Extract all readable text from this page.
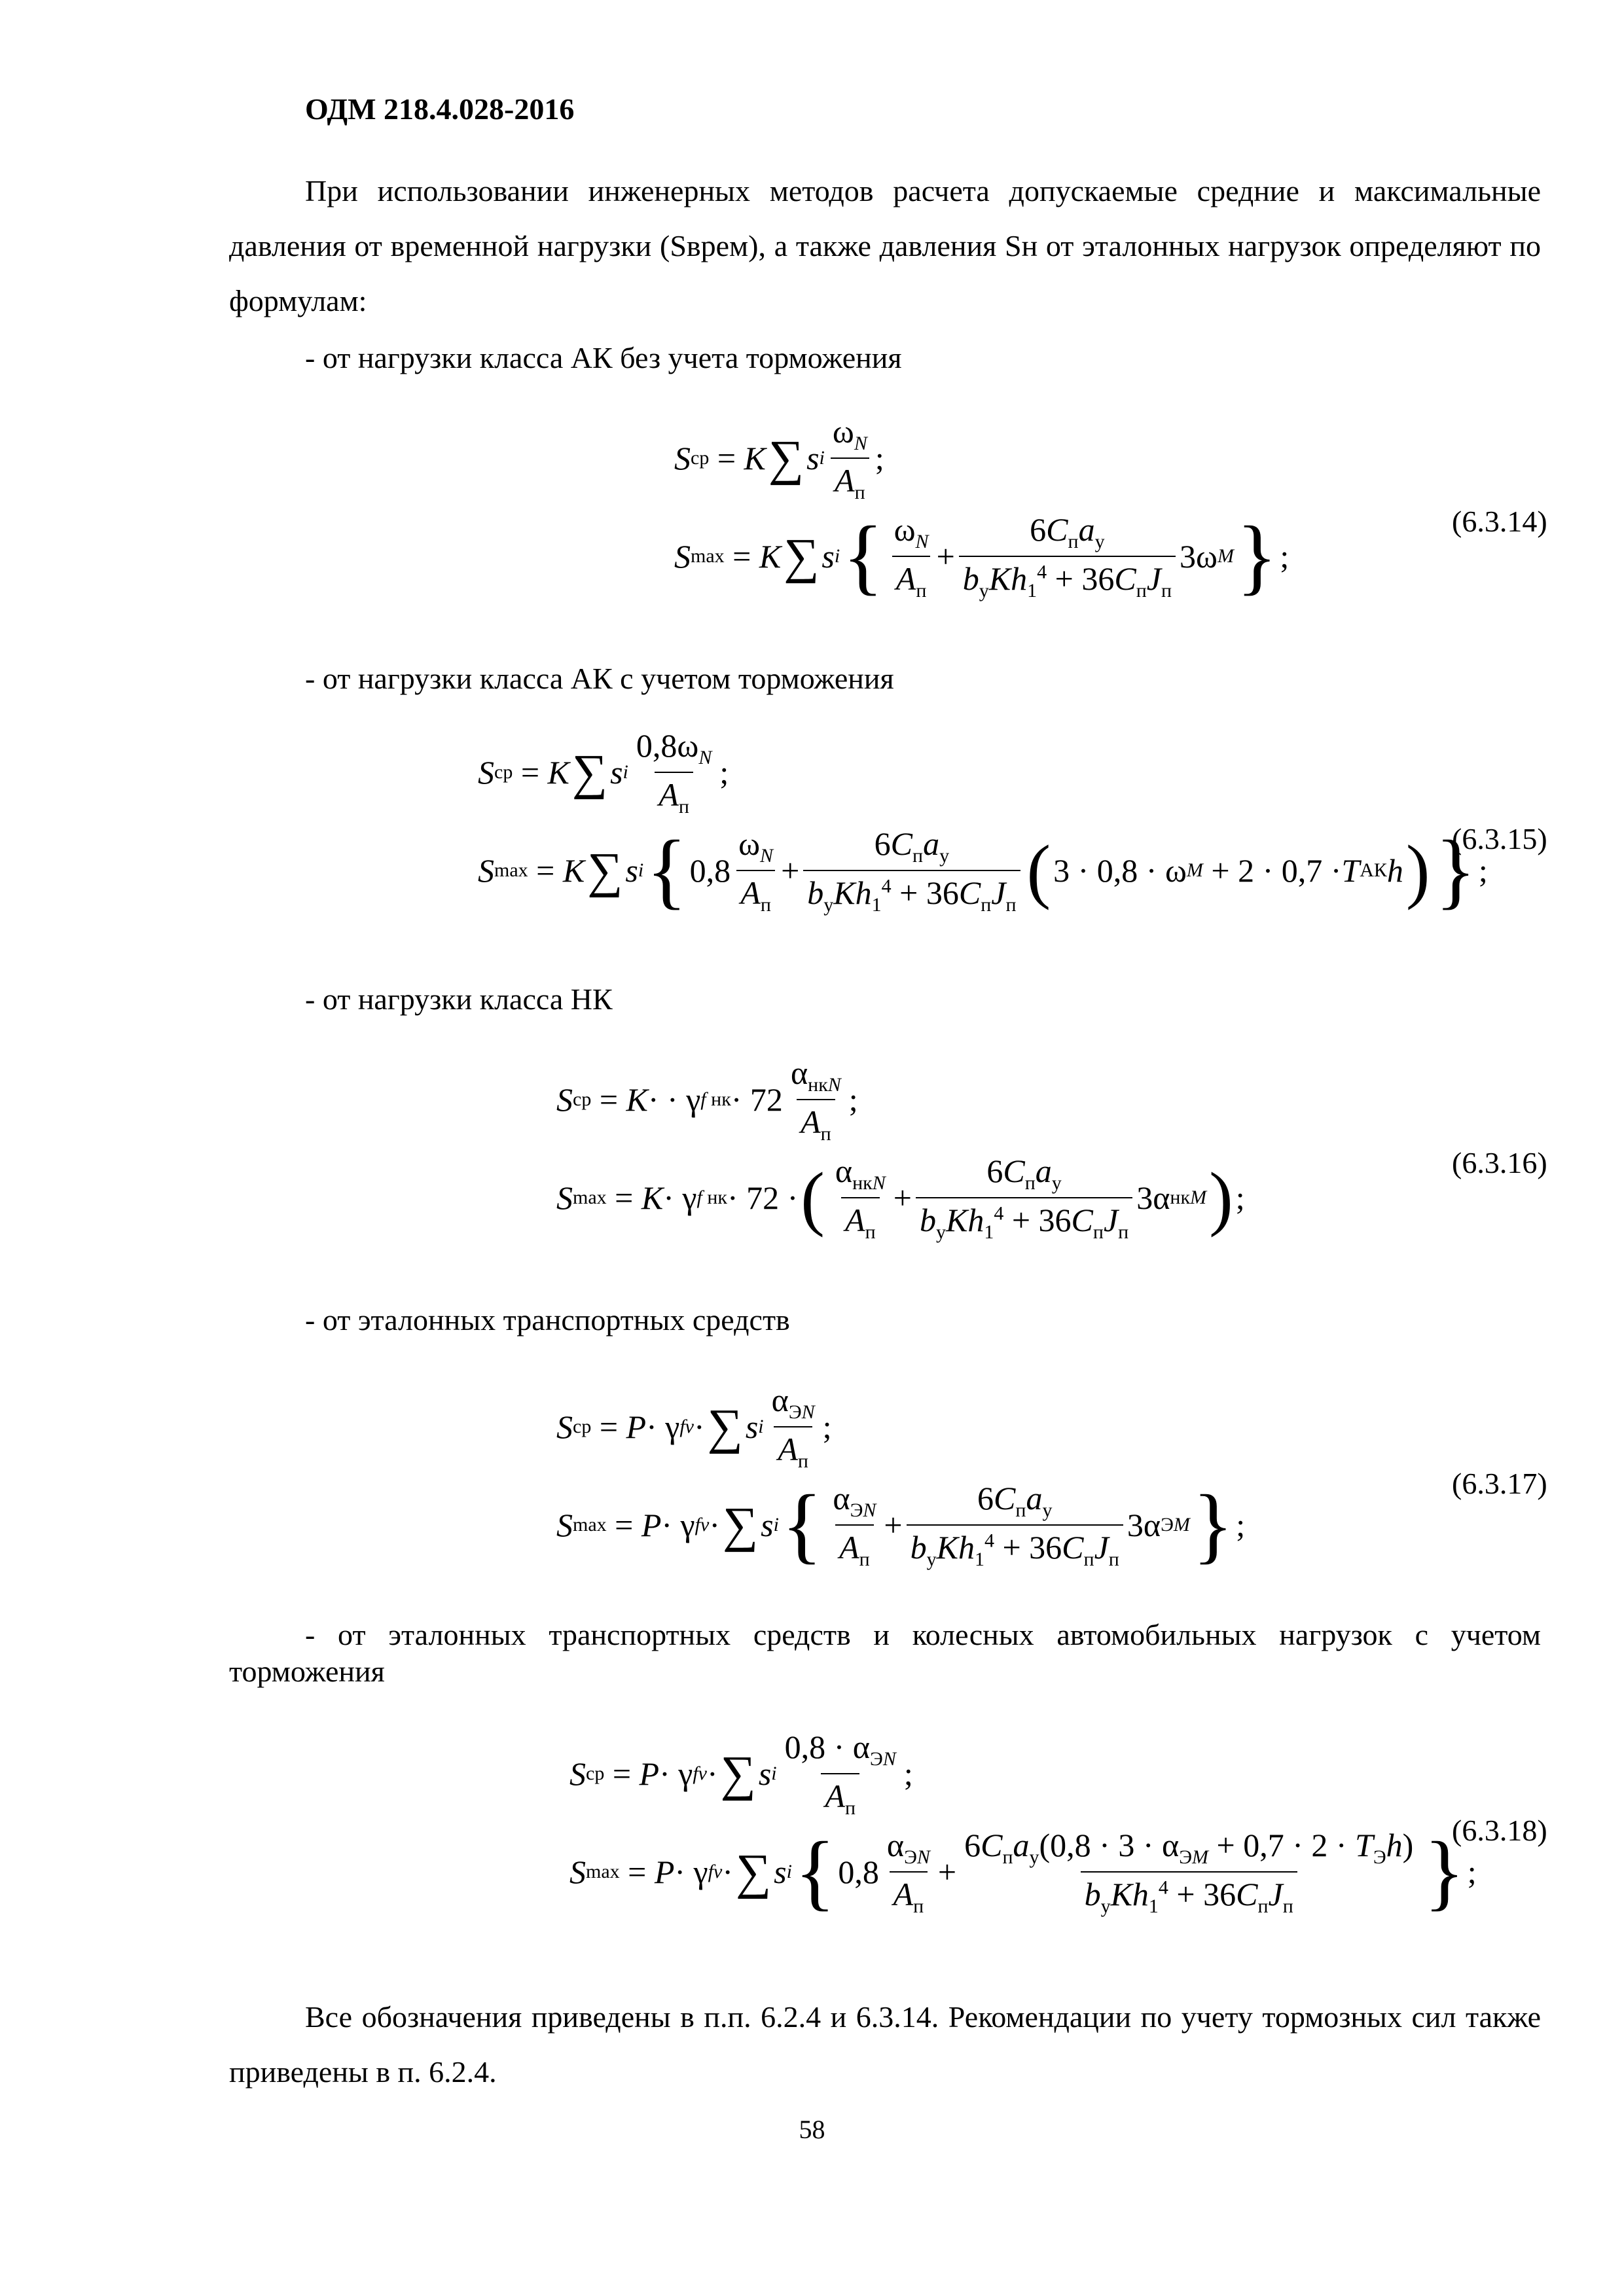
ОДМ 218.4.028-2016
При использовании инженерных методов расчета допускаемые средние и максимальные давления от временной нагрузки (Sврем), а также давления Sн от эталонных нагрузок определяют по формулам:
- от нагрузки класса АК без учета торможения
S ср = K ∑ s i $\frac{\omega_N}{A_п}$ ;
S max = K ∑ s i { $\frac{\omega_N}{A_п} + \frac{6C_пa_у}{b_уKh_1^4 + 36C_пJ_п} 3\omega$ M } ;
(6.3.14)
- от нагрузки класса АК с учетом торможения
S ср = K ∑ s i $\frac{0,8\omega_N}{A_п}$ ;
S max = K ∑ s i { $0,8 \frac{\omega_N}{A_п} + \frac{6C_пa_у}{b_уKh_1^4 + 36C_пJ_п}$ ( 3 · 0,8 · ω M + 2 · 0,7 · T АК h ) } ;
(6.3.15)
- от нагрузки класса НК
S ср = K · · γ f нк · $72 \frac{\alpha_{нкN}}{A_п}$ ;
S max = K · γ f нк · 72 · ( $\frac{\alpha_{нкN}}{A_п} + \frac{6C_пa_у}{b_уKh_1^4 + 36C_пJ_п} 3\alpha$ нкM ) ;
(6.3.16)
- от эталонных транспортных средств
S ср = P · γ fv · ∑ s i $\frac{\alpha_{ЭN}}{A_п}$ ;
S max = P · γ fv · ∑ s i { $\frac{\alpha_{ЭN}}{A_п} + \frac{6C_пa_у}{b_уKh_1^4 + 36C_пJ_п} 3\alpha$ ЭM } ;
(6.3.17)
- от эталонных транспортных средств и колесных автомобильных нагрузок с учетом торможения
S ср = P · γ fv · ∑ s i $\frac{0,8 \cdot \alpha_{ЭN}}{A_п}$ ;
S max = P · γ fv · ∑ s i { $0,8 \frac{\alpha_{ЭN}}{A_п} + \frac{6C_пa_у(0,8 \cdot 3 \cdot \alpha_{ЭM} + 0,7 \cdot 2 \cdot T_Эh)}{b_уKh_1^4 + 36C_пJ_п}$ } ;
(6.3.18)
Все обозначения приведены в п.п. 6.2.4 и 6.3.14. Рекомендации по учету тормозных сил также приведены в п. 6.2.4.
58
